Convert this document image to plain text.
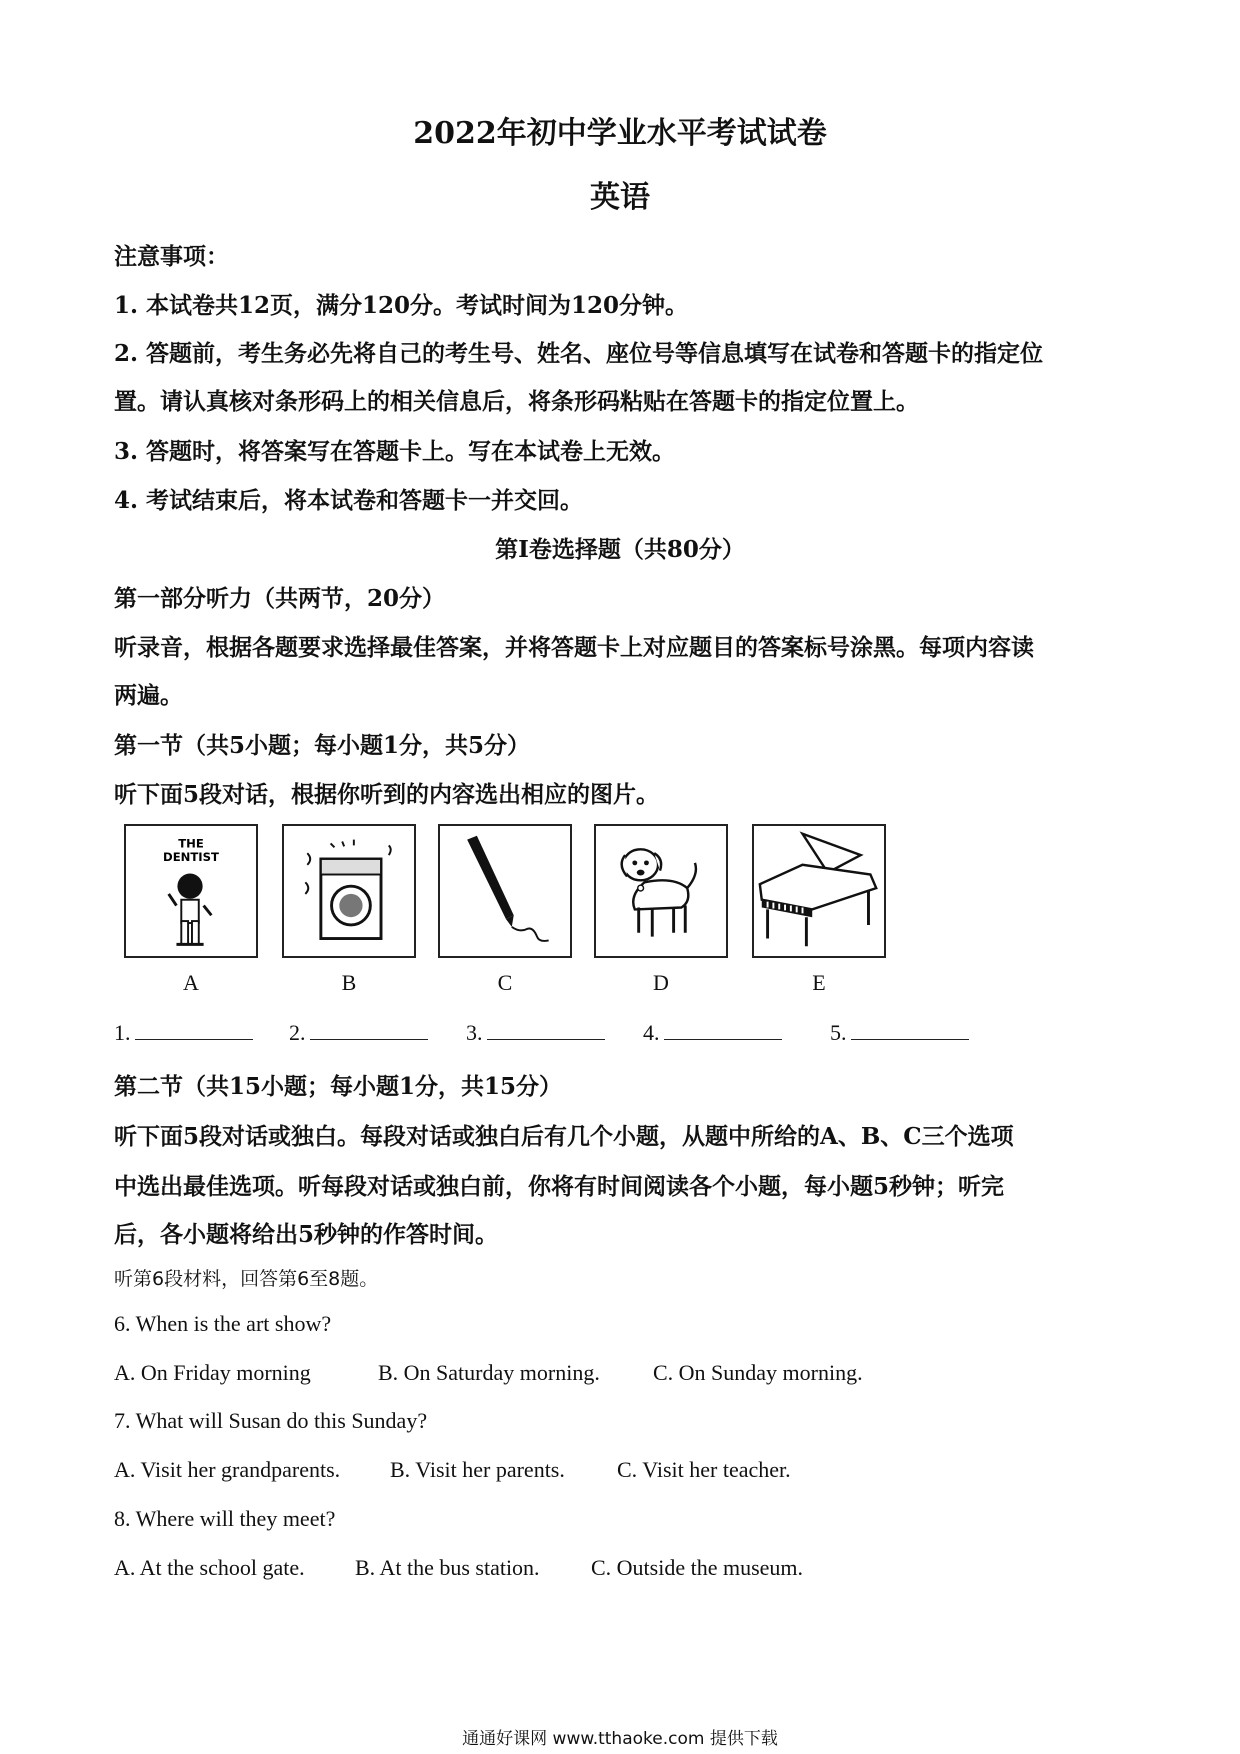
2022年初中学业水平考试试卷
英语
注意事项：
1. 本试卷共12页，满分120分。考试时间为120分钟。
2. 答题前，考生务必先将自己的考生号、姓名、座位号等信息填写在试卷和答题卡的指定位
置。请认真核对条形码上的相关信息后，将条形码粘贴在答题卡的指定位置上。
3. 答题时，将答案写在答题卡上。写在本试卷上无效。
4. 考试结束后，将本试卷和答题卡一并交回。
第I卷选择题（共80分）
第一部分听力（共两节，20分）
听录音，根据各题要求选择最佳答案，并将答题卡上对应题目的答案标号涂黑。每项内容读
两遍。
第一节（共5小题；每小题1分，共5分）
听下面5段对话，根据你听到的内容选出相应的图片。
THE
DENTIST
A	B	C	D	E
1.	2.	3.	4.	5.
第二节（共15小题；每小题1分，共15分）
听下面5段对话或独白。每段对话或独白后有几个小题，从题中所给的A、B、C三个选项
中选出最佳选项。听每段对话或独白前，你将有时间阅读各个小题，每小题5秒钟；听完
后，各小题将给出5秒钟的作答时间。
听第6段材料，回答第6至8题。
6. When is the art show?
A. On Friday morning	B. On Saturday morning. C. On Sunday morning.
7. What will Susan do this Sunday?
A. Visit her grandparents. B. Visit her parents. C. Visit her teacher.
8. Where will they meet?
A. At the school gate. B. At the bus station. C. Outside the museum.
通通好课网 www.tthaoke.com 提供下载
